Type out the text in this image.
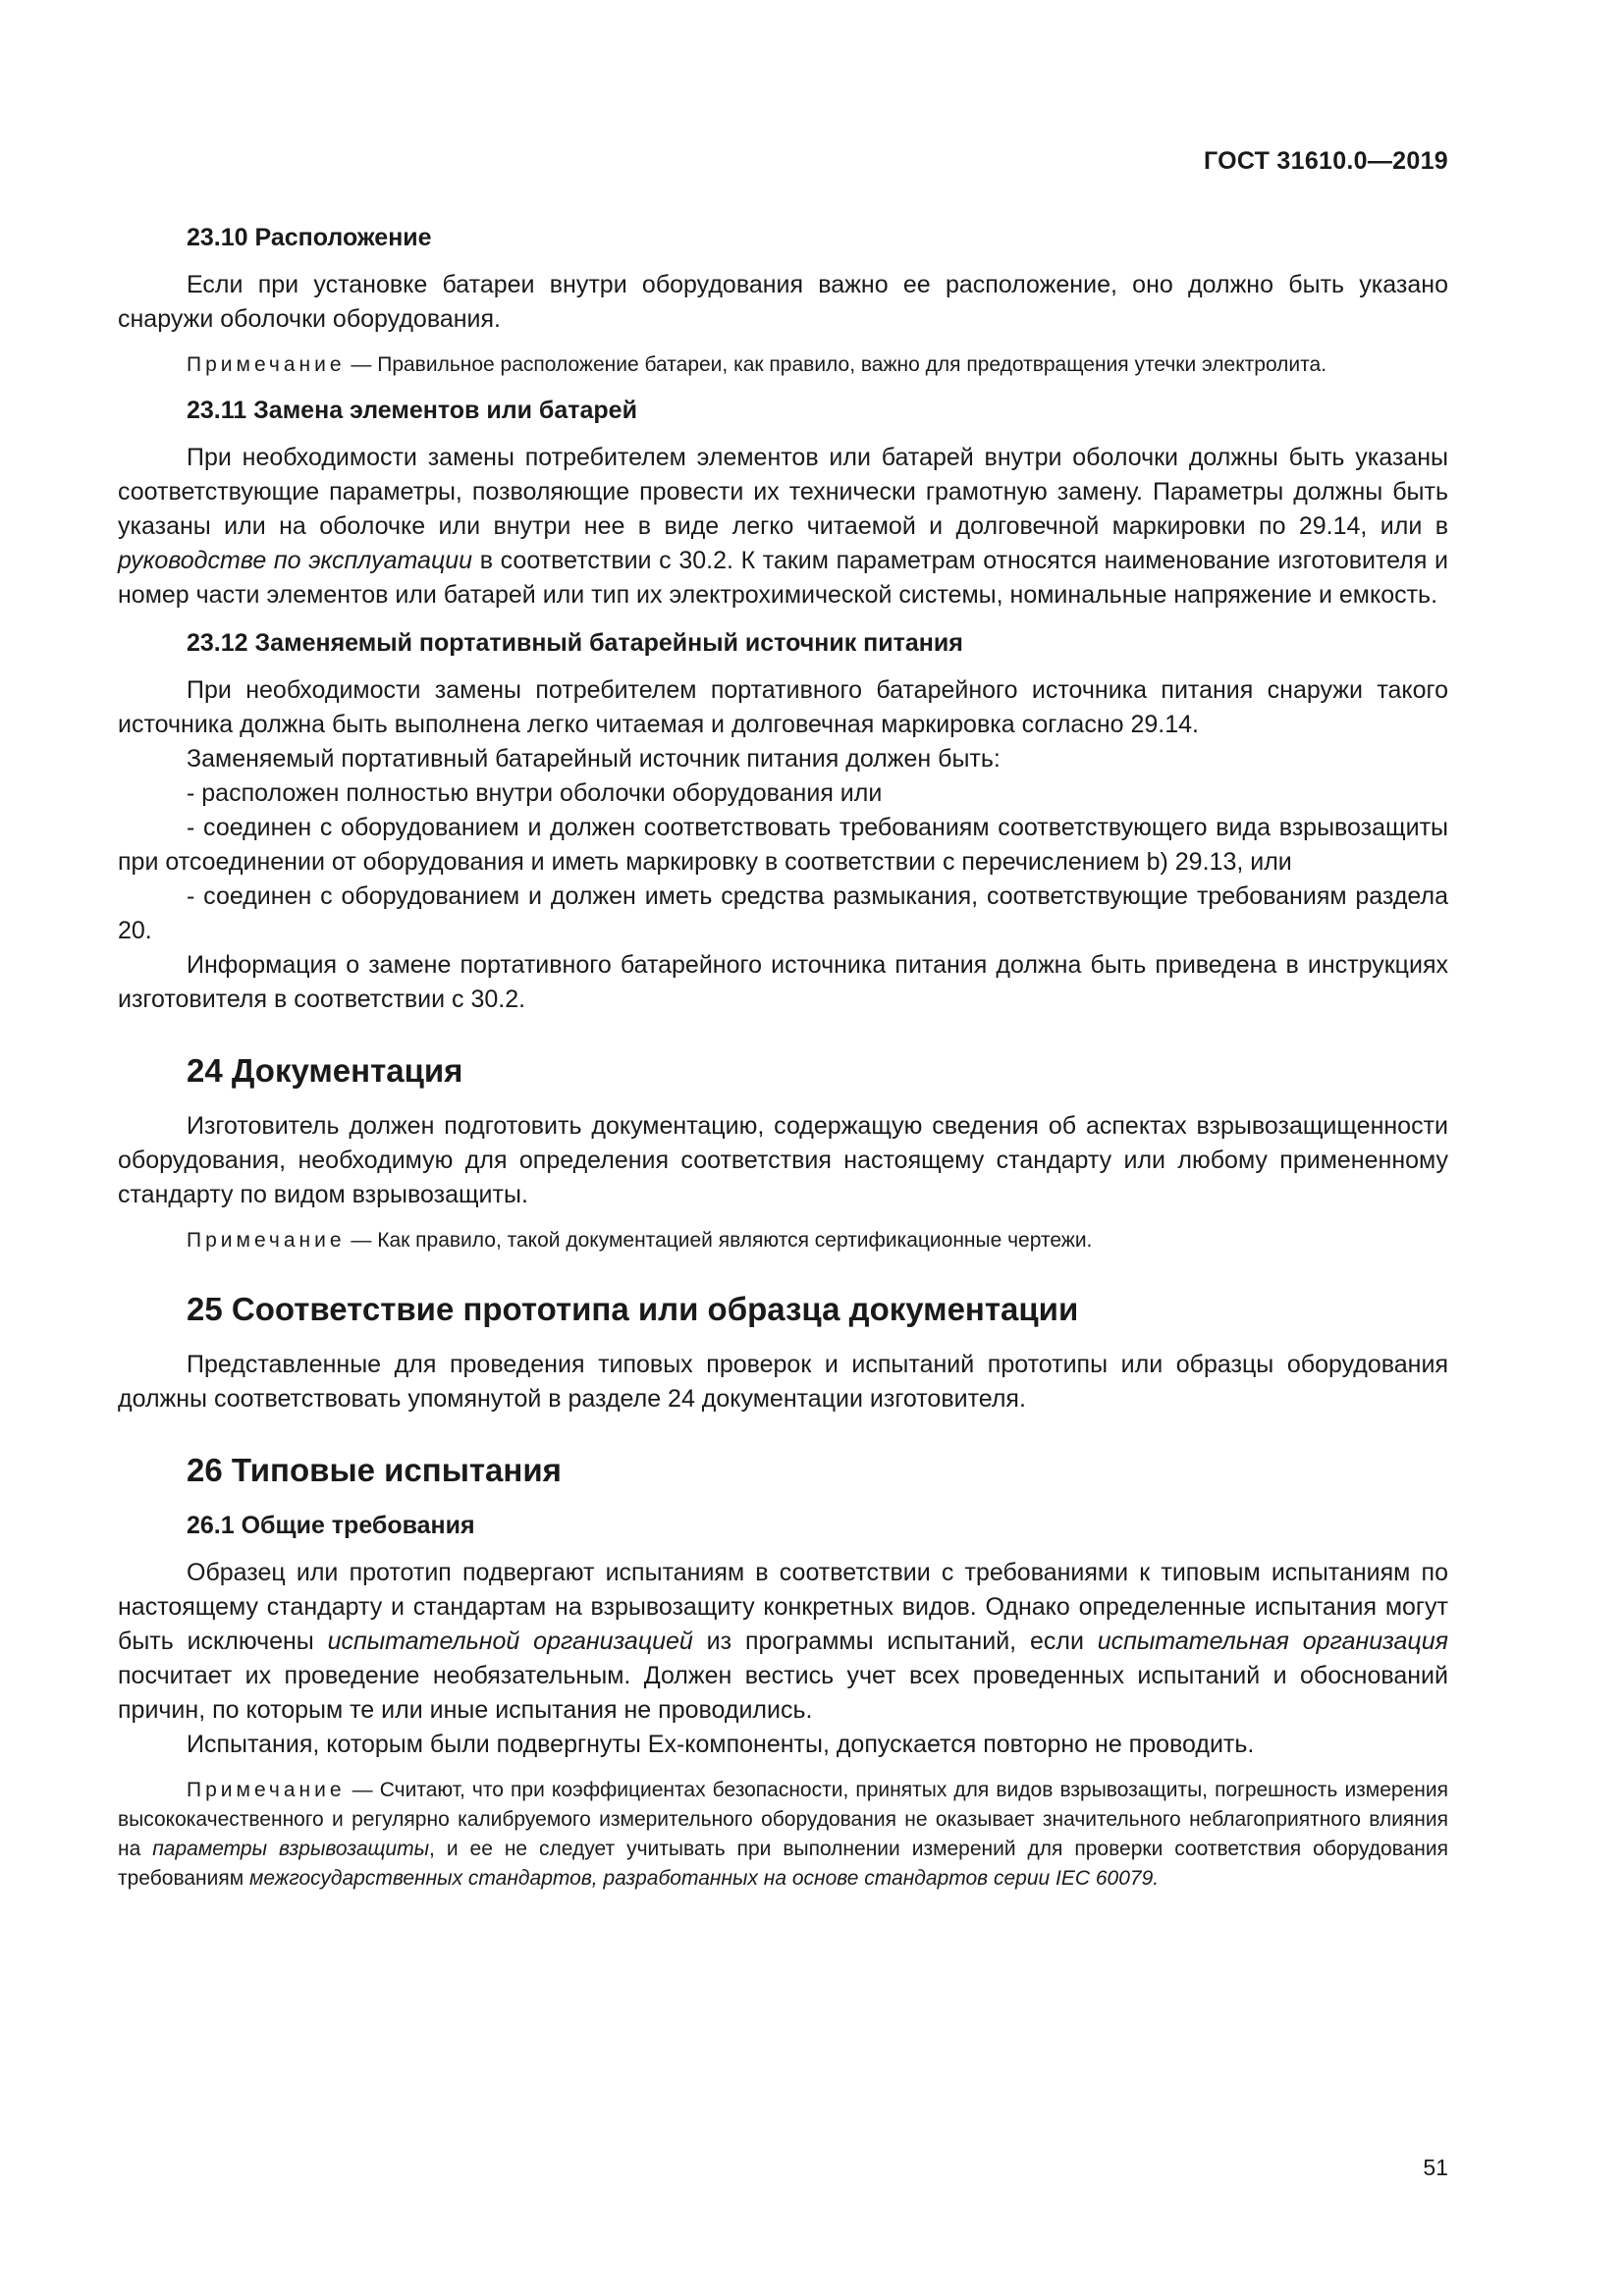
ГОСТ 31610.0—2019
23.10 Расположение

Если при установке батареи внутри оборудования важно ее расположение, оно должно быть указано снаружи оболочки оборудования.

Примечание — Правильное расположение батареи, как правило, важно для предотвращения утечки электролита.
23.11 Замена элементов или батарей

При необходимости замены потребителем элементов или батарей внутри оболочки должны быть указаны соответствующие параметры, позволяющие провести их технически грамотную замену. Параметры должны быть указаны или на оболочке или внутри нее в виде легко читаемой и долговечной маркировки по 29.14, или в руководстве по эксплуатации в соответствии с 30.2. К таким параметрам относятся наименование изготовителя и номер части элементов или батарей или тип их электрохимической системы, номинальные напряжение и емкость.

23.12 Заменяемый портативный батарейный источник питания

При необходимости замены потребителем портативного батарейного источника питания снаружи такого источника должна быть выполнена легко читаемая и долговечная маркировка согласно 29.14.

Заменяемый портативный батарейный источник питания должен быть:

- расположен полностью внутри оболочки оборудования или

- соединен с оборудованием и должен соответствовать требованиям соответствующего вида взрывозащиты при отсоединении от оборудования и иметь маркировку в соответствии с перечислением b) 29.13, или

- соединен с оборудованием и должен иметь средства размыкания, соответствующие требованиям раздела 20.

Информация о замене портативного батарейного источника питания должна быть приведена в инструкциях изготовителя в соответствии с 30.2.

24 Документация

Изготовитель должен подготовить документацию, содержащую сведения об аспектах взрывозащищенности оборудования, необходимую для определения соответствия настоящему стандарту или любому примененному стандарту по видом взрывозащиты.

Примечание — Как правило, такой документацией являются сертификационные чертежи.
25 Соответствие прототипа или образца документации

Представленные для проведения типовых проверок и испытаний прототипы или образцы оборудования должны соответствовать упомянутой в разделе 24 документации изготовителя.

26 Типовые испытания
26.1 Общие требования

Образец или прототип подвергают испытаниям в соответствии с требованиями к типовым испытаниям по настоящему стандарту и стандартам на взрывозащиту конкретных видов. Однако определенные испытания могут быть исключены испытательной организацией из программы испытаний, если испытательная организация посчитает их проведение необязательным. Должен вестись учет всех проведенных испытаний и обоснований причин, по которым те или иные испытания не проводились.

Испытания, которым были подвергнуты Ex-компоненты, допускается повторно не проводить.

Примечание — Считают, что при коэффициентах безопасности, принятых для видов взрывозащиты, погрешность измерения высококачественного и регулярно калибруемого измерительного оборудования не оказывает значительного неблагоприятного влияния на параметры взрывозащиты, и ее не следует учитывать при выполнении измерений для проверки соответствия оборудования требованиям межгосударственных стандартов, разработанных на основе стандартов серии IEC 60079.
51
